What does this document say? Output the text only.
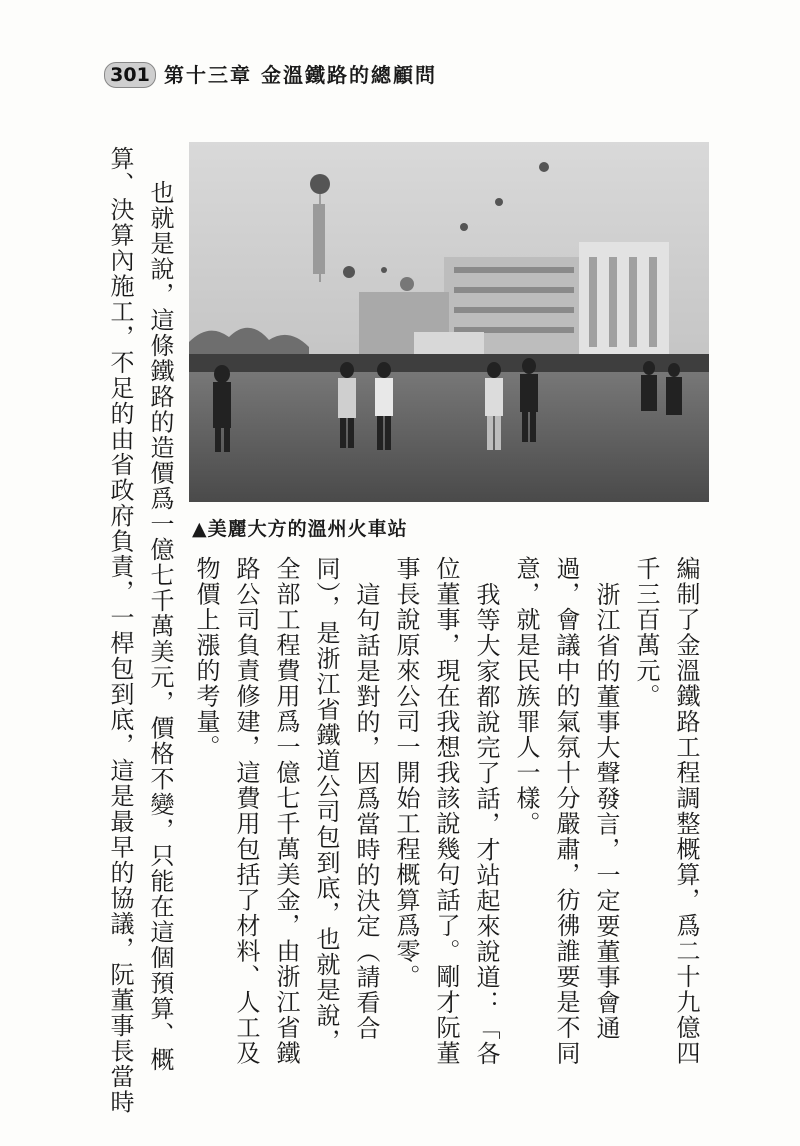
301 第十三章 金溫鐵路的總顧問
▲美麗大方的溫州火車站
編制了金溫鐵路工程調整概算，爲二十九億四
千三百萬元。
浙江省的董事大聲發言，一定要董事會通
過，會議中的氣氛十分嚴肅，彷彿誰要是不同
意，就是民族罪人一樣。
我等大家都說完了話，才站起來說道：「各
位董事，現在我想我該說幾句話了。剛才阮董
事長說原來公司一開始工程概算爲零。
這句話是對的，因爲當時的決定（請看合
同），是浙江省鐵道公司包到底，也就是說，
全部工程費用爲一億七千萬美金，由浙江省鐵
路公司負責修建，這費用包括了材料、人工及
物價上漲的考量。
也就是說，這條鐵路的造價爲一億七千萬美元，價格不變，只能在這個預算、概
算、決算內施工，不足的由省政府負責，一桿包到底，這是最早的協議，阮董事長當時
